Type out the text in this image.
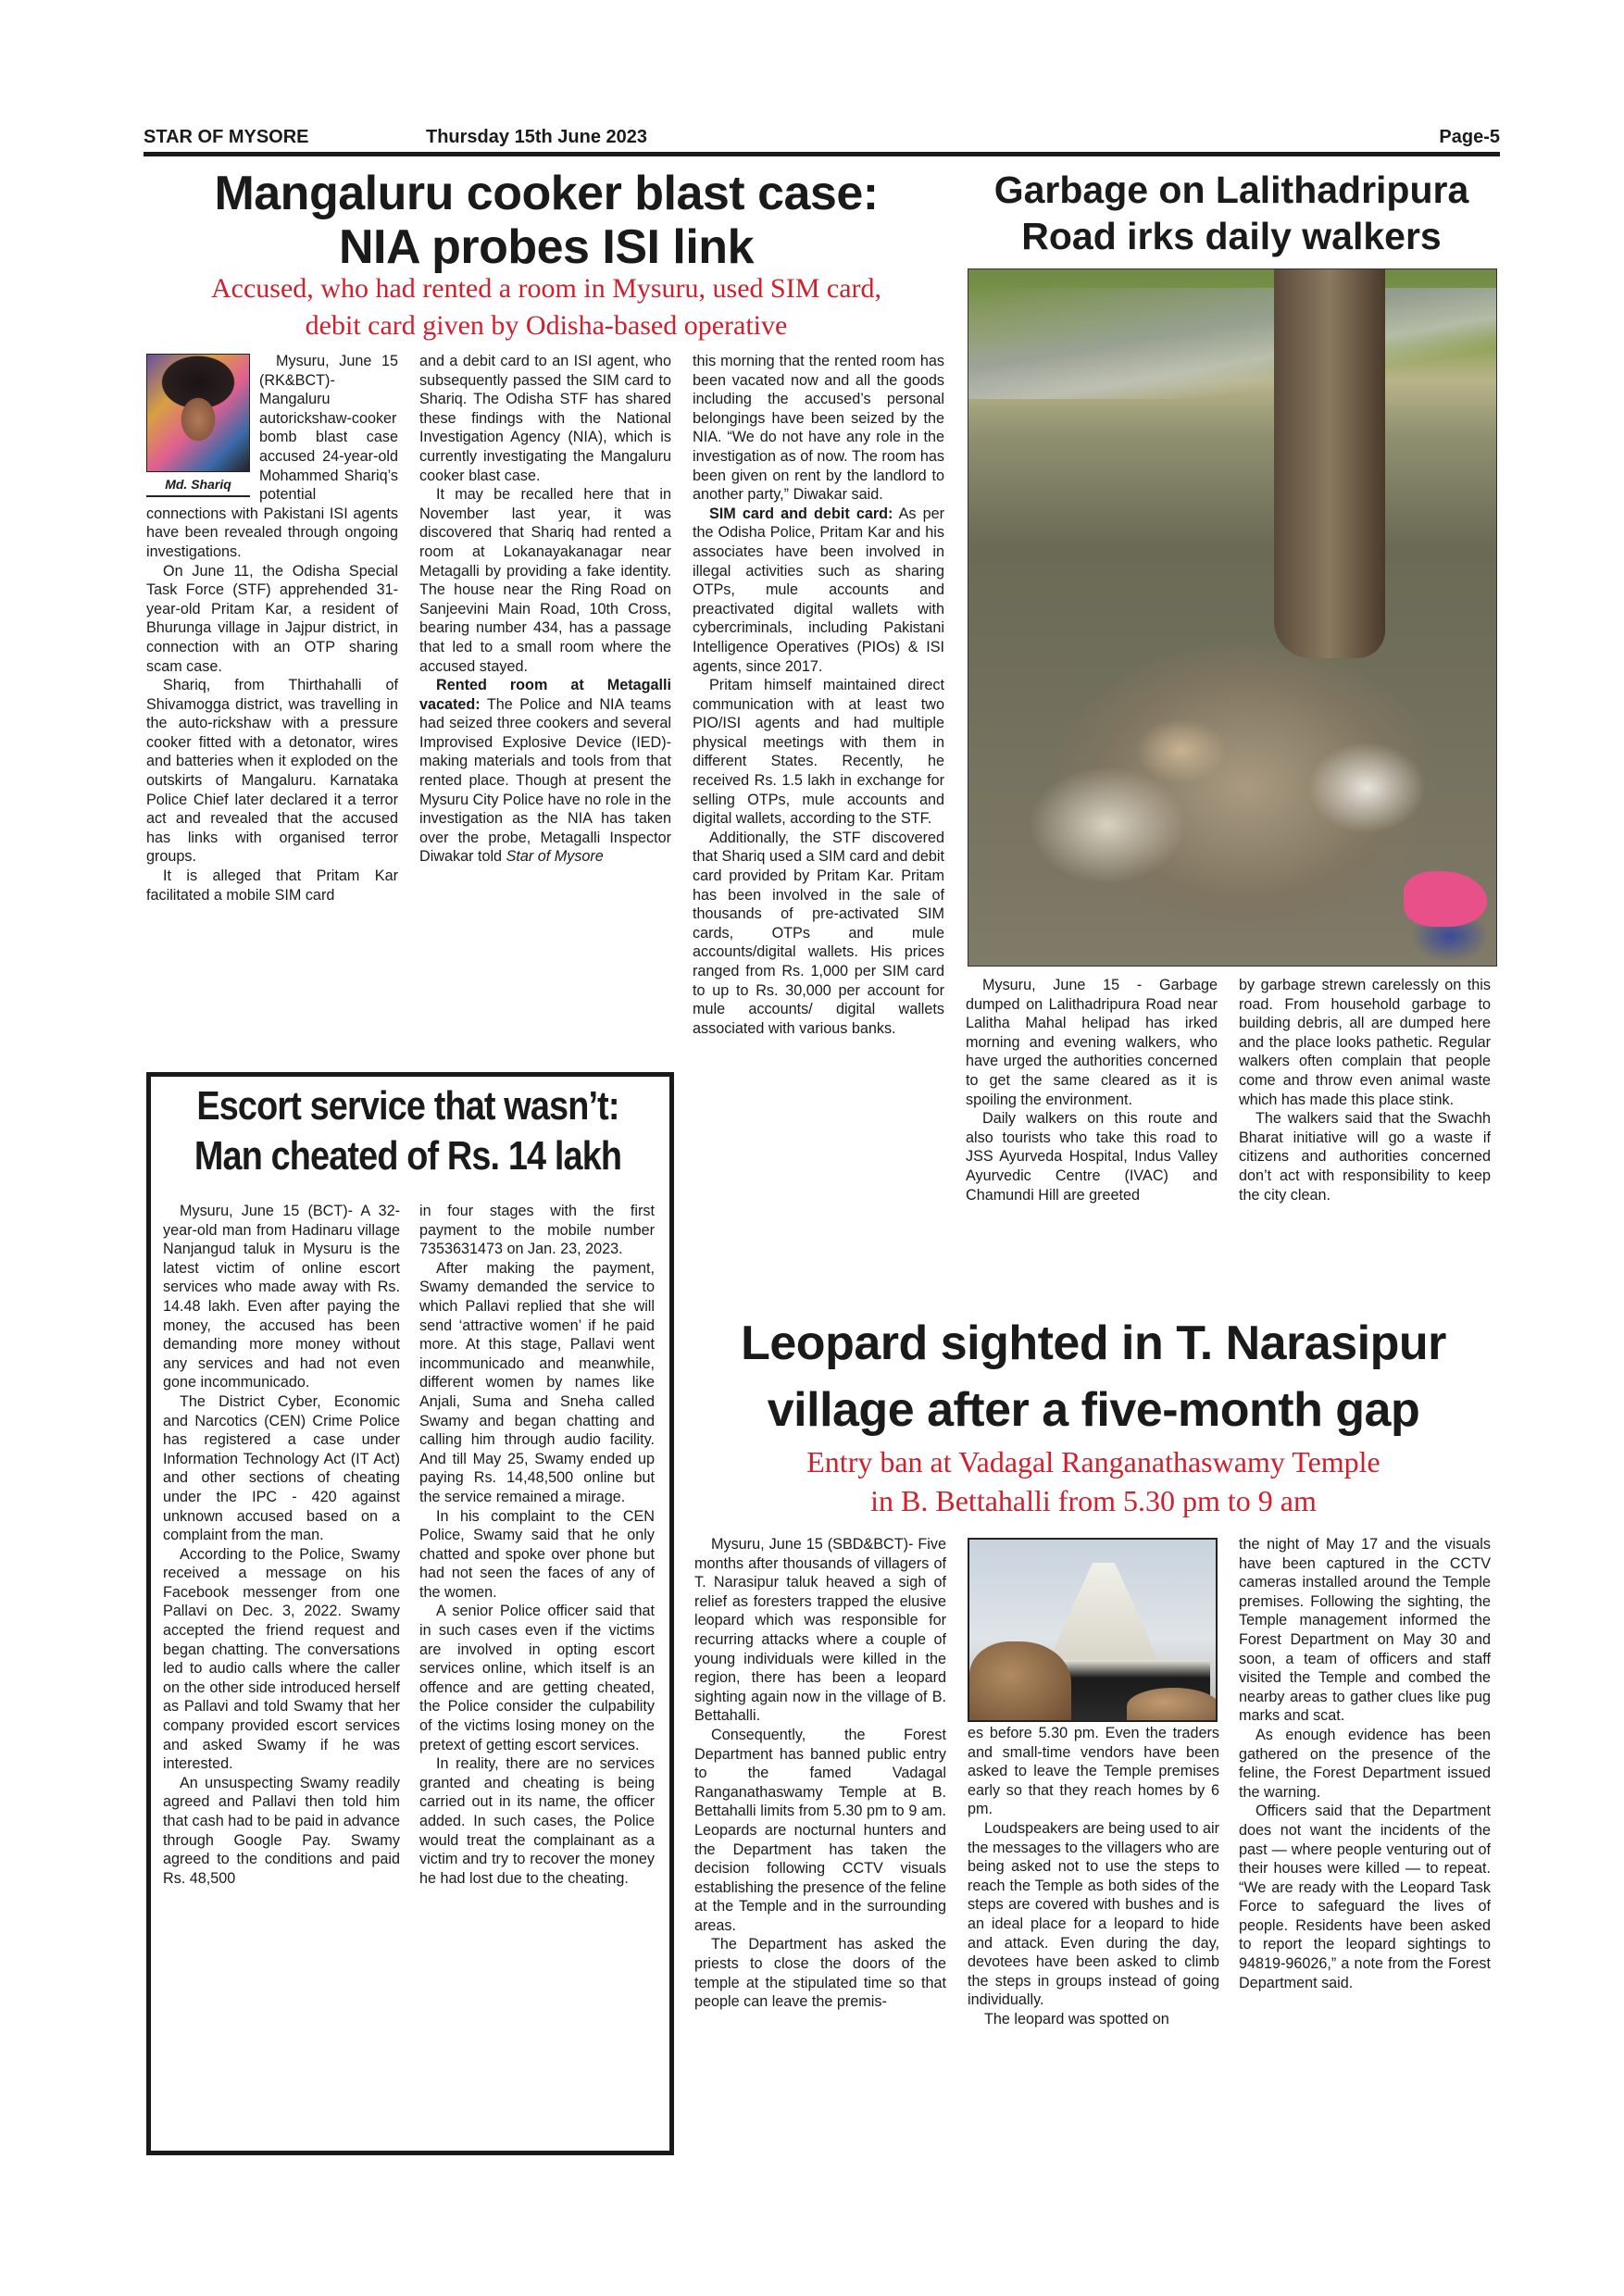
STAR OF MYSORE	Thursday 15th June 2023	Page-5
Mangaluru cooker blast case:
NIA probes ISI link
Accused, who had rented a room in Mysuru, used SIM card,
debit card given by Odisha-based operative
Md. Shariq

Mysuru, June 15 (RK&BCT)- Mangaluru autorickshaw-cooker bomb blast case accused 24-year-old Mohammed Shariq’s potential connections with Pakistani ISI agents have been revealed through ongoing investigations.

On June 11, the Odisha Special Task Force (STF) apprehended 31-year-old Pritam Kar, a resident of Bhurunga village in Jajpur district, in connection with an OTP sharing scam case.

Shariq, from Thirthahalli of Shivamogga district, was travelling in the auto-rickshaw with a pressure cooker fitted with a detonator, wires and batteries when it exploded on the outskirts of Mangaluru. Karnataka Police Chief later declared it a terror act and revealed that the accused has links with organised terror groups.

It is alleged that Pritam Kar facilitated a mobile SIM card

and a debit card to an ISI agent, who subsequently passed the SIM card to Shariq. The Odisha STF has shared these findings with the National Investigation Agency (NIA), which is currently investigating the Mangaluru cooker blast case.

It may be recalled here that in November last year, it was discovered that Shariq had rented a room at Lokanayakanagar near Metagalli by providing a fake identity. The house near the Ring Road on Sanjeevini Main Road, 10th Cross, bearing number 434, has a passage that led to a small room where the accused stayed.

Rented room at Metagalli vacated: The Police and NIA teams had seized three cookers and several Improvised Explosive Device (IED)-making materials and tools from that rented place. Though at present the Mysuru City Police have no role in the investigation as the NIA has taken over the probe, Metagalli Inspector Diwakar told Star of Mysore

this morning that the rented room has been vacated now and all the goods including the accused’s personal belongings have been seized by the NIA. “We do not have any role in the investigation as of now. The room has been given on rent by the landlord to another party,” Diwakar said.

SIM card and debit card: As per the Odisha Police, Pritam Kar and his associates have been involved in illegal activities such as sharing OTPs, mule accounts and preactivated digital wallets with cybercriminals, including Pakistani Intelligence Operatives (PIOs) & ISI agents, since 2017.

Pritam himself maintained direct communication with at least two PIO/ISI agents and had multiple physical meetings with them in different States. Recently, he received Rs. 1.5 lakh in exchange for selling OTPs, mule accounts and digital wallets, according to the STF.

Additionally, the STF discovered that Shariq used a SIM card and debit card provided by Pritam Kar. Pritam has been involved in the sale of thousands of pre-activated SIM cards, OTPs and mule accounts/digital wallets. His prices ranged from Rs. 1,000 per SIM card to up to Rs. 30,000 per account for mule accounts/ digital wallets associated with various banks.

Garbage on Lalithadripura
Road irks daily walkers

Mysuru, June 15 - Garbage dumped on Lalithadripura Road near Lalitha Mahal helipad has irked morning and evening walkers, who have urged the authorities concerned to get the same cleared as it is spoiling the environment.

Daily walkers on this route and also tourists who take this road to JSS Ayurveda Hospital, Indus Valley Ayurvedic Centre (IVAC) and Chamundi Hill are greeted

by garbage strewn carelessly on this road. From household garbage to building debris, all are dumped here and the place looks pathetic. Regular walkers often complain that people come and throw even animal waste which has made this place stink.

The walkers said that the Swachh Bharat initiative will go a waste if citizens and authorities concerned don’t act with responsibility to keep the city clean.

Escort service that wasn’t:
Man cheated of Rs. 14 lakh

Mysuru, June 15 (BCT)- A 32-year-old man from Hadinaru village Nanjangud taluk in Mysuru is the latest victim of online escort services who made away with Rs. 14.48 lakh. Even after paying the money, the accused has been demanding more money without any services and had not even gone incommunicado.

The District Cyber, Economic and Narcotics (CEN) Crime Police has registered a case under Information Technology Act (IT Act) and other sections of cheating under the IPC - 420 against unknown accused based on a complaint from the man.

According to the Police, Swamy received a message on his Facebook messenger from one Pallavi on Dec. 3, 2022. Swamy accepted the friend request and began chatting. The conversations led to audio calls where the caller on the other side introduced herself as Pallavi and told Swamy that her company provided escort services and asked Swamy if he was interested.

An unsuspecting Swamy readily agreed and Pallavi then told him that cash had to be paid in advance through Google Pay. Swamy agreed to the conditions and paid Rs. 48,500

in four stages with the first payment to the mobile number 7353631473 on Jan. 23, 2023.

After making the payment, Swamy demanded the service to which Pallavi replied that she will send ‘attractive women’ if he paid more. At this stage, Pallavi went incommunicado and meanwhile, different women by names like Anjali, Suma and Sneha called Swamy and began chatting and calling him through audio facility. And till May 25, Swamy ended up paying Rs. 14,48,500 online but the service remained a mirage.

In his complaint to the CEN Police, Swamy said that he only chatted and spoke over phone but had not seen the faces of any of the women.

A senior Police officer said that in such cases even if the victims are involved in opting escort services online, which itself is an offence and are getting cheated, the Police consider the culpability of the victims losing money on the pretext of getting escort services.

In reality, there are no services granted and cheating is being carried out in its name, the officer added. In such cases, the Police would treat the complainant as a victim and try to recover the money he had lost due to the cheating.

Leopard sighted in T. Narasipur
village after a five-month gap
Entry ban at Vadagal Ranganathaswamy Temple
in B. Bettahalli from 5.30 pm to 9 am

Mysuru, June 15 (SBD&BCT)- Five months after thousands of villagers of T. Narasipur taluk heaved a sigh of relief as foresters trapped the elusive leopard which was responsible for recurring attacks where a couple of young individuals were killed in the region, there has been a leopard sighting again now in the village of B. Bettahalli.

Consequently, the Forest Department has banned public entry to the famed Vadagal Ranganathaswamy Temple at B. Bettahalli limits from 5.30 pm to 9 am. Leopards are nocturnal hunters and the Department has taken the decision following CCTV visuals establishing the presence of the feline at the Temple and in the surrounding areas.

The Department has asked the priests to close the doors of the temple at the stipulated time so that people can leave the premis-

es before 5.30 pm. Even the traders and small-time vendors have been asked to leave the Temple premises early so that they reach homes by 6 pm.

Loudspeakers are being used to air the messages to the villagers who are being asked not to use the steps to reach the Temple as both sides of the steps are covered with bushes and is an ideal place for a leopard to hide and attack. Even during the day, devotees have been asked to climb the steps in groups instead of going individually.

The leopard was spotted on

the night of May 17 and the visuals have been captured in the CCTV cameras installed around the Temple premises. Following the sighting, the Temple management informed the Forest Department on May 30 and soon, a team of officers and staff visited the Temple and combed the nearby areas to gather clues like pug marks and scat.

As enough evidence has been gathered on the presence of the feline, the Forest Department issued the warning.

Officers said that the Department does not want the incidents of the past — where people venturing out of their houses were killed — to repeat. “We are ready with the Leopard Task Force to safeguard the lives of people. Residents have been asked to report the leopard sightings to 94819-96026,” a note from the Forest Department said.
